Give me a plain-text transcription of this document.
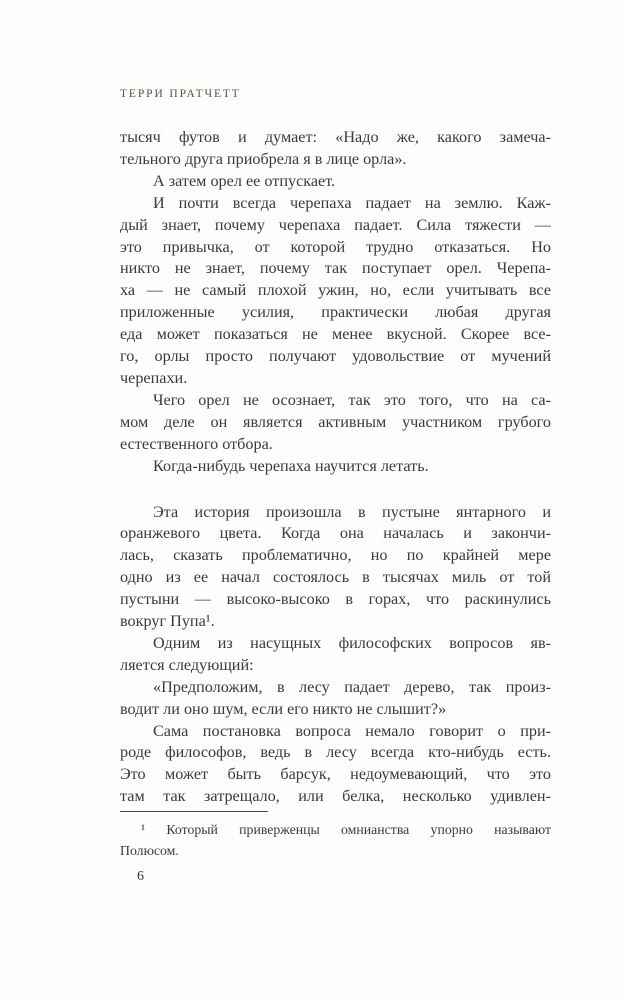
ТЕРРИ ПРАТЧЕТТ
тысяч футов и думает: «Надо же, какого замеча-
тельного друга приобрела я в лице орла».
А затем орел ее отпускает.
И почти всегда черепаха падает на землю. Каж-
дый знает, почему черепаха падает. Сила тяжести —
это привычка, от которой трудно отказаться. Но
никто не знает, почему так поступает орел. Черепа-
ха — не самый плохой ужин, но, если учитывать все
приложенные усилия, практически любая другая
еда может показаться не менее вкусной. Скорее все-
го, орлы просто получают удовольствие от мучений
черепахи.
Чего орел не осознает, так это того, что на са-
мом деле он является активным участником грубого
естественного отбора.
Когда-нибудь черепаха научится летать.
Эта история произошла в пустыне янтарного и
оранжевого цвета. Когда она началась и закончи-
лась, сказать проблематично, но по крайней мере
одно из ее начал состоялось в тысячах миль от той
пустыни — высоко-высоко в горах, что раскинулись
вокруг Пупа¹.
Одним из насущных философских вопросов яв-
ляется следующий:
«Предположим, в лесу падает дерево, так произ-
водит ли оно шум, если его никто не слышит?»
Сама постановка вопроса немало говорит о при-
роде философов, ведь в лесу всегда кто-нибудь есть.
Это может быть барсук, недоумевающий, что это
там так затрещало, или белка, несколько удивлен-
¹ Который приверженцы омнианства упорно называют
Полюсом.
6
